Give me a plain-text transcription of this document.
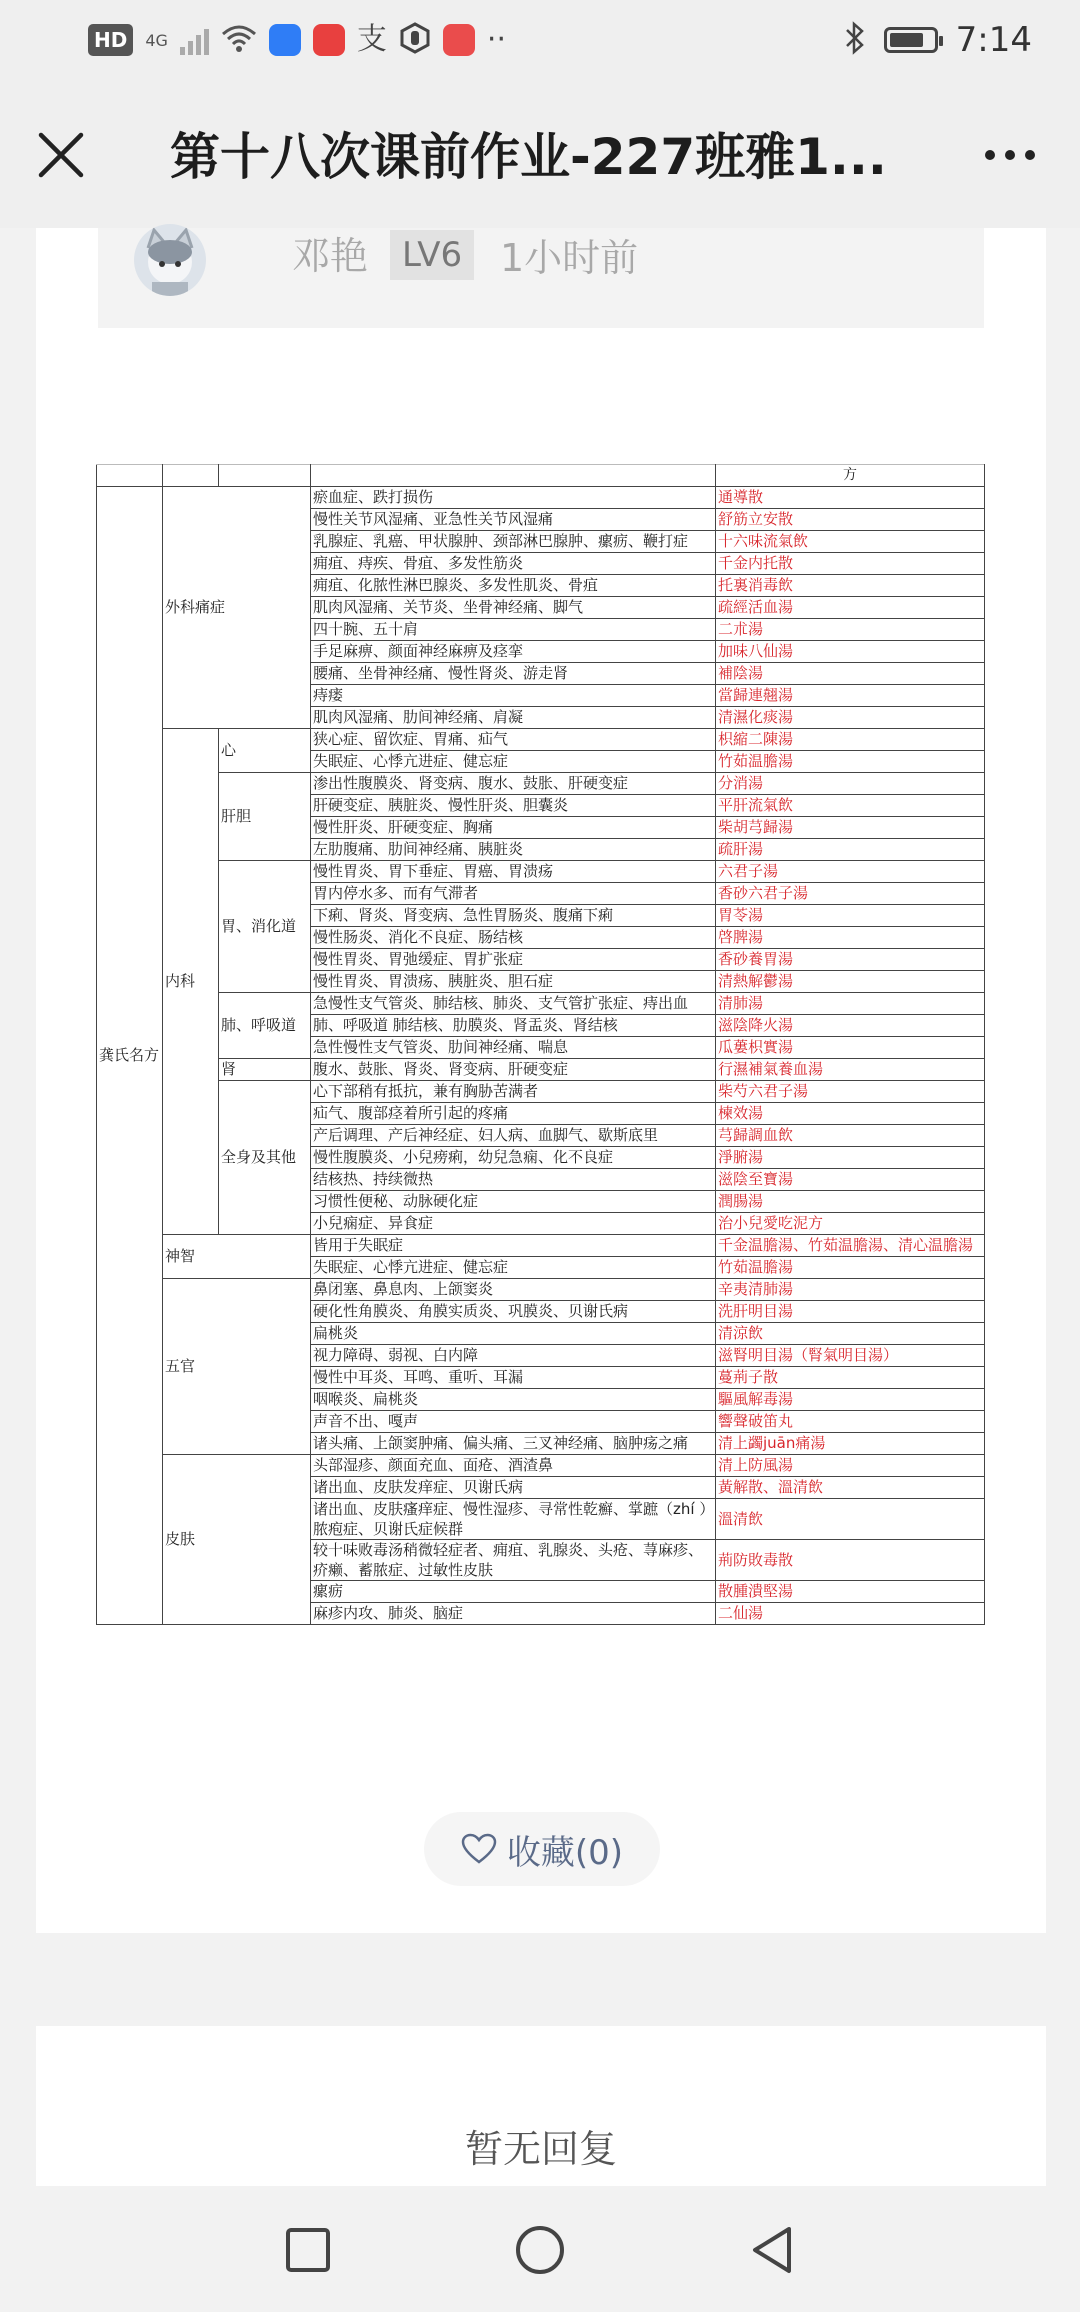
HD	4G	支	··	7:14
第十八次课前作业-227班雅1...
邓艳 LV6 1小时前
				方
龚氏名方	外科痛症		瘀血症、跌打损伤	通導散
			慢性关节风湿痛、亚急性关节风湿痛	舒筋立安散
			乳腺症、乳癌、甲状腺肿、颈部淋巴腺肿、瘰疬、鞭打症	十六味流氣飲
			痈疽、痔疾、骨疽、多发性筋炎	千金内托散
			痈疽、化脓性淋巴腺炎、多发性肌炎、骨疽	托裏消毒飲
			肌肉风湿痛、关节炎、坐骨神经痛、脚气	疏經活血湯
			四十腕、五十肩	二朮湯
			手足麻痹、颜面神经麻痹及痉挛	加味八仙湯
			腰痛、坐骨神经痛、慢性肾炎、游走肾	補陰湯
			痔瘘	當歸連翹湯
			肌肉风湿痛、肋间神经痛、肩凝	清濕化痰湯
	内科	心	狭心症、留饮症、胃痛、疝气	枳縮二陳湯
			失眠症、心悸亢进症、健忘症	竹茹温膽湯
		肝胆	渗出性腹膜炎、肾变病、腹水、鼓胀、肝硬变症	分消湯
			肝硬变症、胰脏炎、慢性肝炎、胆囊炎	平肝流氣飲
			慢性肝炎、肝硬变症、胸痛	柴胡芎歸湯
			左肋腹痛、肋间神经痛、胰脏炎	疏肝湯
		胃、消化道	慢性胃炎、胃下垂症、胃癌、胃溃疡	六君子湯
			胃内停水多、而有气滞者	香砂六君子湯
			下痢、肾炎、肾变病、急性胃肠炎、腹痛下痢	胃苓湯
			慢性肠炎、消化不良症、肠结核	啓脾湯
			慢性胃炎、胃弛缓症、胃扩张症	香砂養胃湯
			慢性胃炎、胃溃疡、胰脏炎、胆石症	清熱解鬱湯
		肺、呼吸道	急慢性支气管炎、肺结核、肺炎、支气管扩张症、痔出血	清肺湯
			肺、呼吸道 肺结核、肋膜炎、肾盂炎、肾结核	滋陰降火湯
			急性慢性支气管炎、肋间神经痛、喘息	瓜蔞枳實湯
		肾	腹水、鼓胀、肾炎、肾变病、肝硬变症	行濕補氣養血湯
		全身及其他	心下部稍有抵抗，兼有胸胁苦满者	柴芍六君子湯
			疝气、腹部痉着所引起的疼痛	楝效湯
			产后调理、产后神经症、妇人病、血脚气、歇斯底里	芎歸調血飲
			慢性腹膜炎、小兒痨痢，幼兒急痫、化不良症	淨腑湯
			结核热、持续微热	滋陰至寶湯
			习惯性便秘、动脉硬化症	潤腸湯
			小兒痫症、异食症	治小兒愛吃泥方
	神智		皆用于失眠症	千金温膽湯、竹茹温膽湯、清心温膽湯
			失眠症、心悸亢进症、健忘症	竹茹温膽湯
	五官		鼻闭塞、鼻息肉、上颌窦炎	辛夷清肺湯
			硬化性角膜炎、角膜实质炎、巩膜炎、贝谢氏病	洗肝明目湯
			扁桃炎	清涼飲
			视力障碍、弱视、白内障	滋腎明目湯（腎氣明目湯）
			慢性中耳炎、耳鸣、重听、耳漏	蔓荊子散
			咽喉炎、扁桃炎	驅風解毒湯
			声音不出、嘎声	響聲破笛丸
			诸头痛、上颌窦肿痛、偏头痛、三叉神经痛、脑肿疡之痛	清上蠲juān痛湯
	皮肤		头部湿疹、颜面充血、面疮、酒渣鼻	清上防風湯
			诸出血、皮肤发痒症、贝谢氏病	黃解散、溫清飲
			诸出血、皮肤瘙痒症、慢性湿疹、寻常性乾癬、掌蹠（zhí ）脓疱症、贝谢氏症候群	溫清飲
			较十味败毒汤稍微轻症者、痈疽、乳腺炎、头疮、荨麻疹、疥癞、蓄脓症、过敏性皮肤	荊防敗毒散
			瘰疬	散腫潰堅湯
			麻疹内攻、肺炎、脑症	二仙湯
收藏(0)
暂无回复
